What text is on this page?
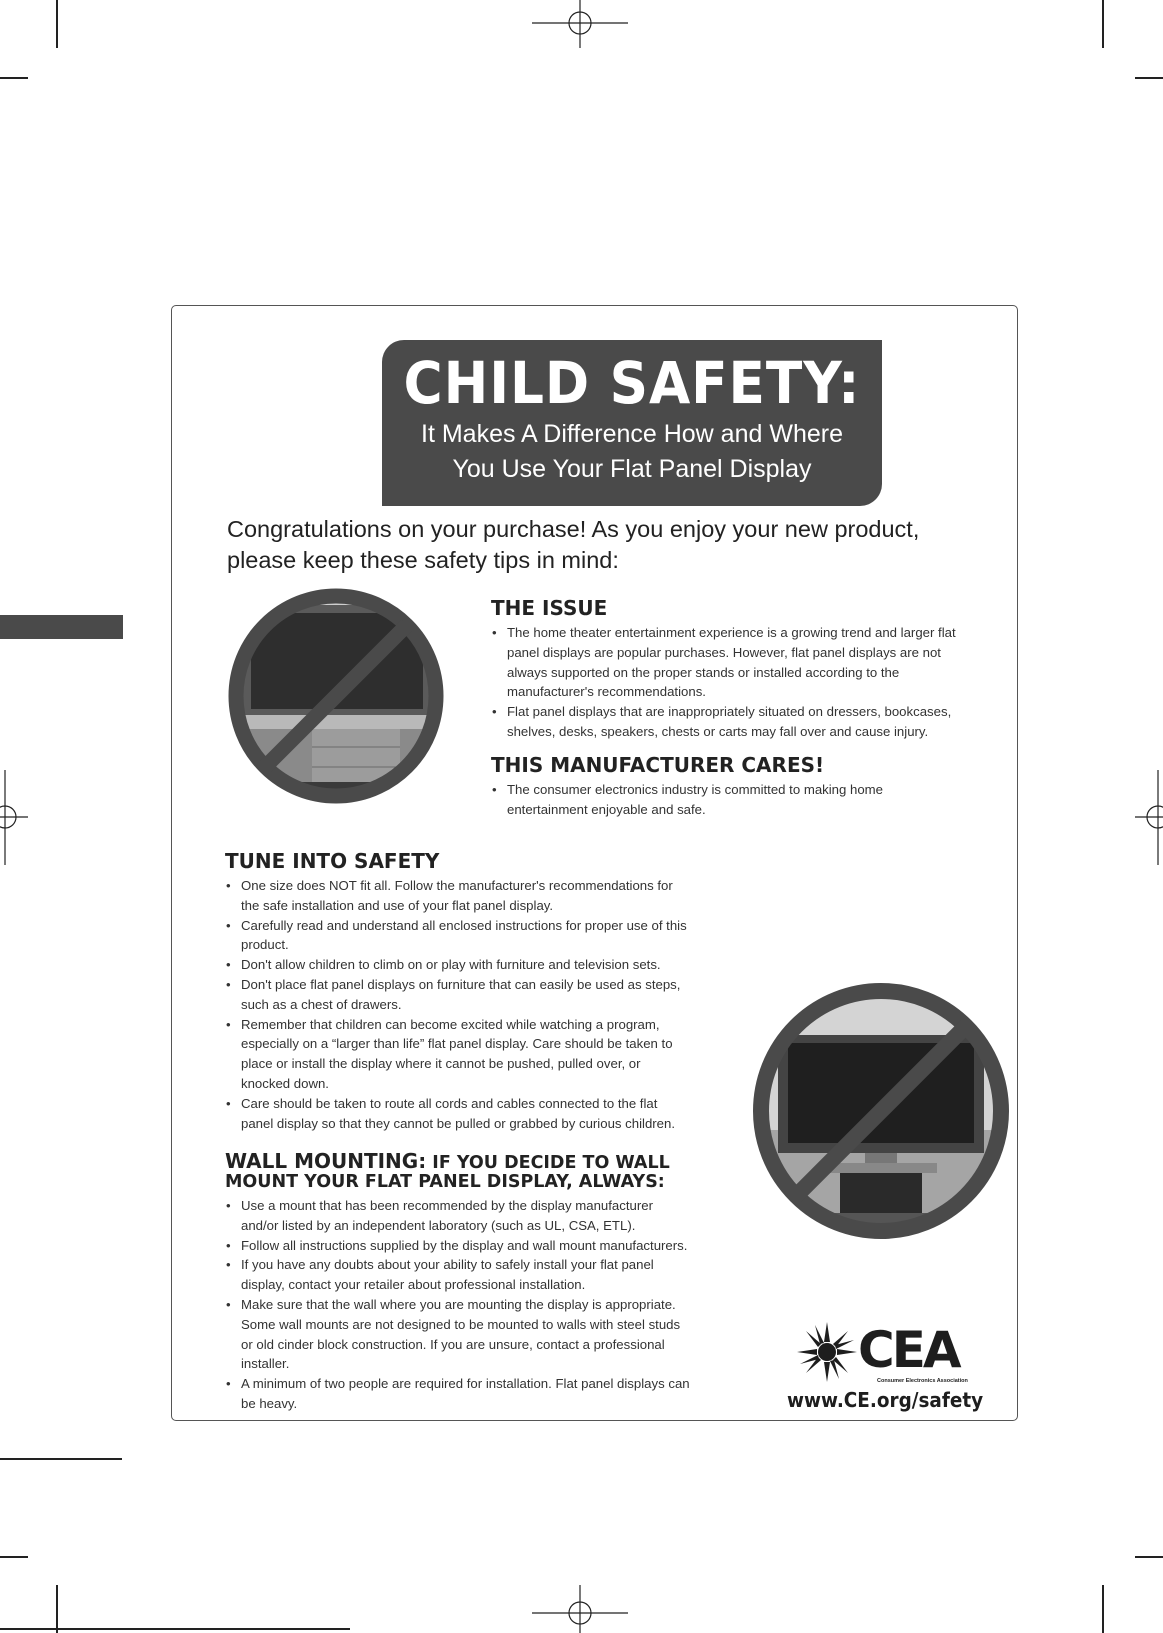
CHILD SAFETY:
It Makes A Difference How and Where
You Use Your Flat Panel Display
Congratulations on your purchase! As you enjoy your new product, please keep these safety tips in mind:
THE ISSUE
• The home theater entertainment experience is a growing trend and larger flat panel displays are popular purchases. However, flat panel displays are not always supported on the proper stands or installed according to the manufacturer's recommendations.
• Flat panel displays that are inappropriately situated on dressers, bookcases, shelves, desks, speakers, chests or carts may fall over and cause injury.
THIS MANUFACTURER CARES!
• The consumer electronics industry is committed to making home entertainment enjoyable and safe.
TUNE INTO SAFETY
• One size does NOT fit all. Follow the manufacturer's recommendations for the safe installation and use of your flat panel display.
• Carefully read and understand all enclosed instructions for proper use of this product.
• Don't allow children to climb on or play with furniture and television sets.
• Don't place flat panel displays on furniture that can easily be used as steps, such as a chest of drawers.
• Remember that children can become excited while watching a program, especially on a “larger than life” flat panel display. Care should be taken to place or install the display where it cannot be pushed, pulled over, or knocked down.
• Care should be taken to route all cords and cables connected to the flat panel display so that they cannot be pulled or grabbed by curious children.
WALL MOUNTING: IF YOU DECIDE TO WALL MOUNT YOUR FLAT PANEL DISPLAY, ALWAYS:
• Use a mount that has been recommended by the display manufacturer and/or listed by an independent laboratory (such as UL, CSA, ETL).
• Follow all instructions supplied by the display and wall mount manufacturers.
• If you have any doubts about your ability to safely install your flat panel display, contact your retailer about professional installation.
• Make sure that the wall where you are mounting the display is appropriate. Some wall mounts are not designed to be mounted to walls with steel studs or old cinder block construction. If you are unsure, contact a professional installer.
• A minimum of two people are required for installation. Flat panel displays can be heavy.
CEA
Consumer Electronics Association
www.CE.org/safety
